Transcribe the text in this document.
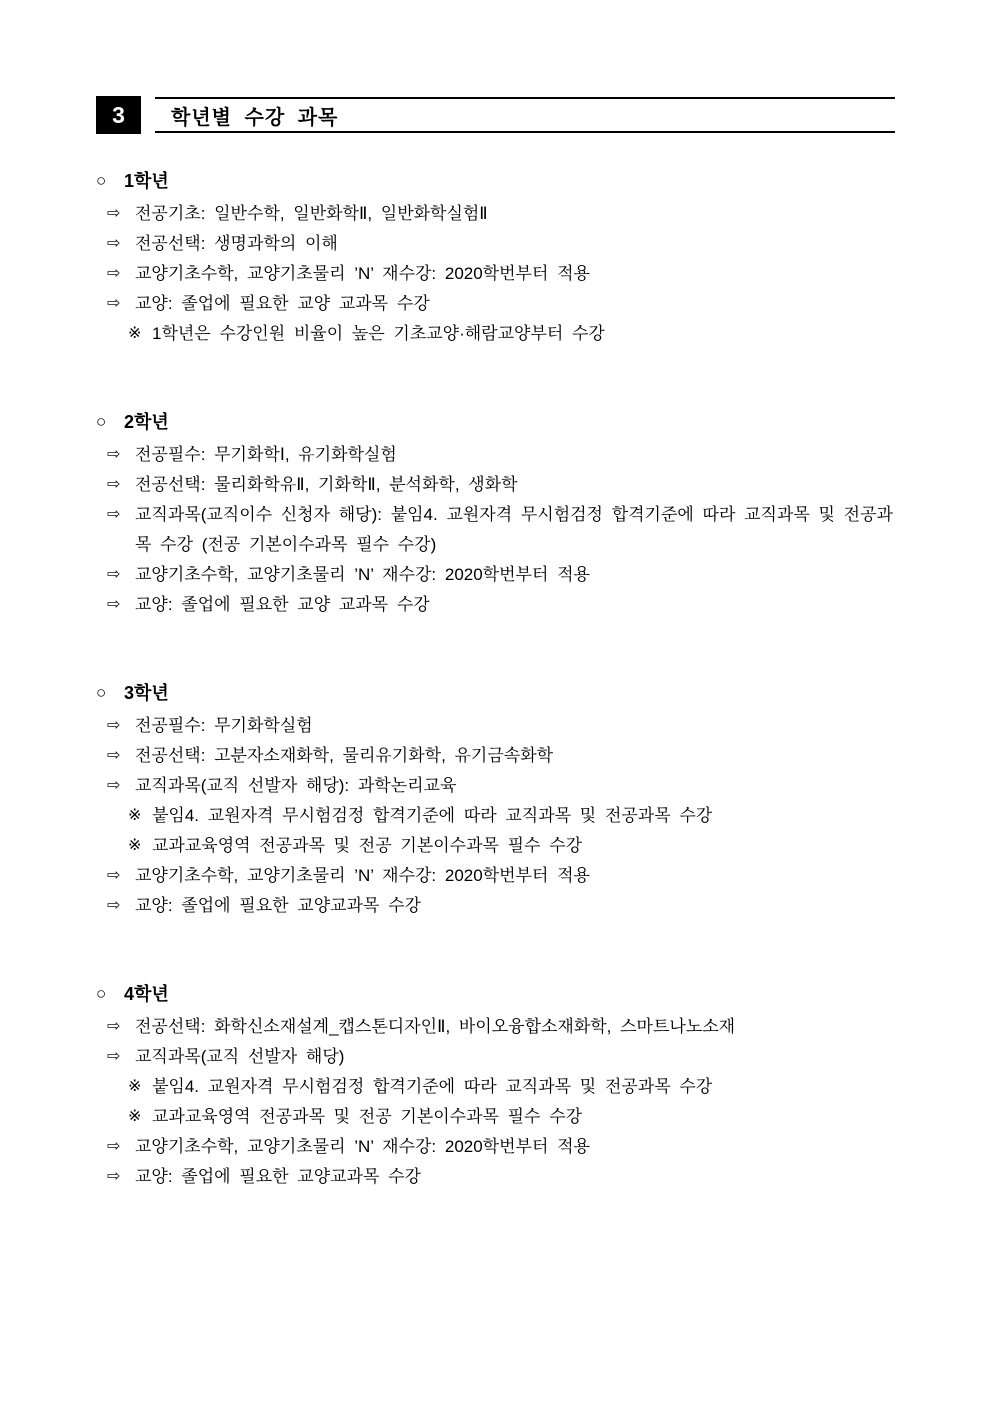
3	학년별 수강 과목
○ 1학년
⇨ 전공기초: 일반수학, 일반화학Ⅱ, 일반화학실험Ⅱ
⇨ 전공선택: 생명과학의 이해
⇨ 교양기초수학, 교양기초물리 ’N’ 재수강: 2020학번부터 적용
⇨ 교양: 졸업에 필요한 교양 교과목 수강
※ 1학년은 수강인원 비율이 높은 기초교양·해람교양부터 수강
○ 2학년
⇨ 전공필수: 무기화학Ⅰ, 유기화학실험
⇨ 전공선택: 물리화학유Ⅱ, 기화학Ⅱ, 분석화학, 생화학
⇨ 교직과목(교직이수 신청자 해당): 붙임4. 교원자격 무시험검정 합격기준에 따라 교직과목 및 전공과목 수강 (전공 기본이수과목 필수 수강)
⇨ 교양기초수학, 교양기초물리 ’N’ 재수강: 2020학번부터 적용
⇨ 교양: 졸업에 필요한 교양 교과목 수강
○ 3학년
⇨ 전공필수: 무기화학실험
⇨ 전공선택: 고분자소재화학, 물리유기화학, 유기금속화학
⇨ 교직과목(교직 선발자 해당): 과학논리교육
※ 붙임4. 교원자격 무시험검정 합격기준에 따라 교직과목 및 전공과목 수강
※ 교과교육영역 전공과목 및 전공 기본이수과목 필수 수강
⇨ 교양기초수학, 교양기초물리 ’N’ 재수강: 2020학번부터 적용
⇨ 교양: 졸업에 필요한 교양교과목 수강
○ 4학년
⇨ 전공선택: 화학신소재설계_캡스톤디자인Ⅱ, 바이오융합소재화학, 스마트나노소재
⇨ 교직과목(교직 선발자 해당)
※ 붙임4. 교원자격 무시험검정 합격기준에 따라 교직과목 및 전공과목 수강
※ 교과교육영역 전공과목 및 전공 기본이수과목 필수 수강
⇨ 교양기초수학, 교양기초물리 ’N’ 재수강: 2020학번부터 적용
⇨ 교양: 졸업에 필요한 교양교과목 수강
